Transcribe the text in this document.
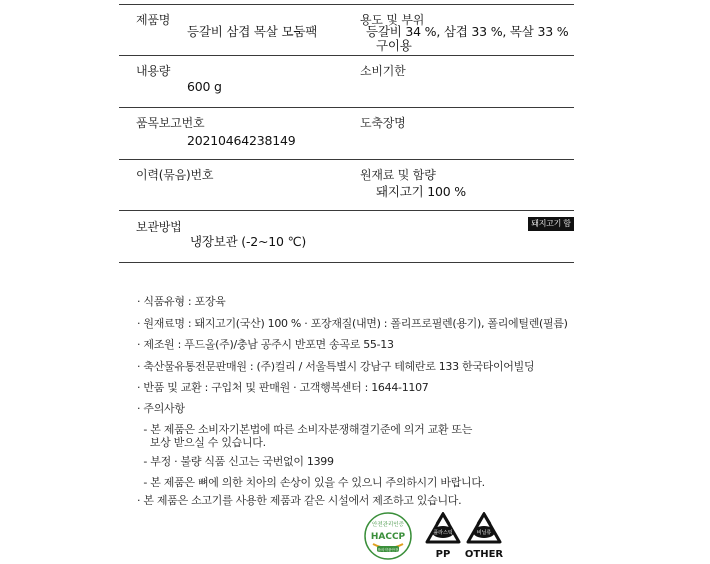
제품명
등갈비 삼겹 목살 모둠팩
용도 및 부위
등갈비 34 %, 삼겹 33 %, 목살 33 %
구이용
내용량
600 g
소비기한
품목보고번호
20210464238149
도축장명
이력(묶음)번호	원재료 및 함량
돼지고기 100 %
보관방법
냉장보관 (-2~10 ℃)
돼지고기 함유
· 식품유형 : 포장육
· 원재료명 : 돼지고기(국산) 100 % · 포장재질(내면) : 폴리프로필렌(용기), 폴리에틸렌(필름)
· 제조원 : 푸드올(주)/충남 공주시 반포면 송곡로 55-13
· 축산물유통전문판매원 : (주)컬리 / 서울특별시 강남구 테헤란로 133 한국타이어빌딩
· 반품 및 교환 : 구입처 및 판매원 · 고객행복센터 : 1644-1107
· 주의사항
- 본 제품은 소비자기본법에 따른 소비자분쟁해결기준에 의거 교환 또는
보상 받으실 수 있습니다.
- 부정 · 불량 식품 신고는 국번없이 1399
- 본 제품은 뼈에 의한 치아의 손상이 있을 수 있으니 주의하시기 바랍니다.
· 본 제품은 소고기를 사용한 제품과 같은 시설에서 제조하고 있습니다.
안전관리인증
HACCP
식품의약품안전처
플라스틱
PP
비닐류
OTHER
